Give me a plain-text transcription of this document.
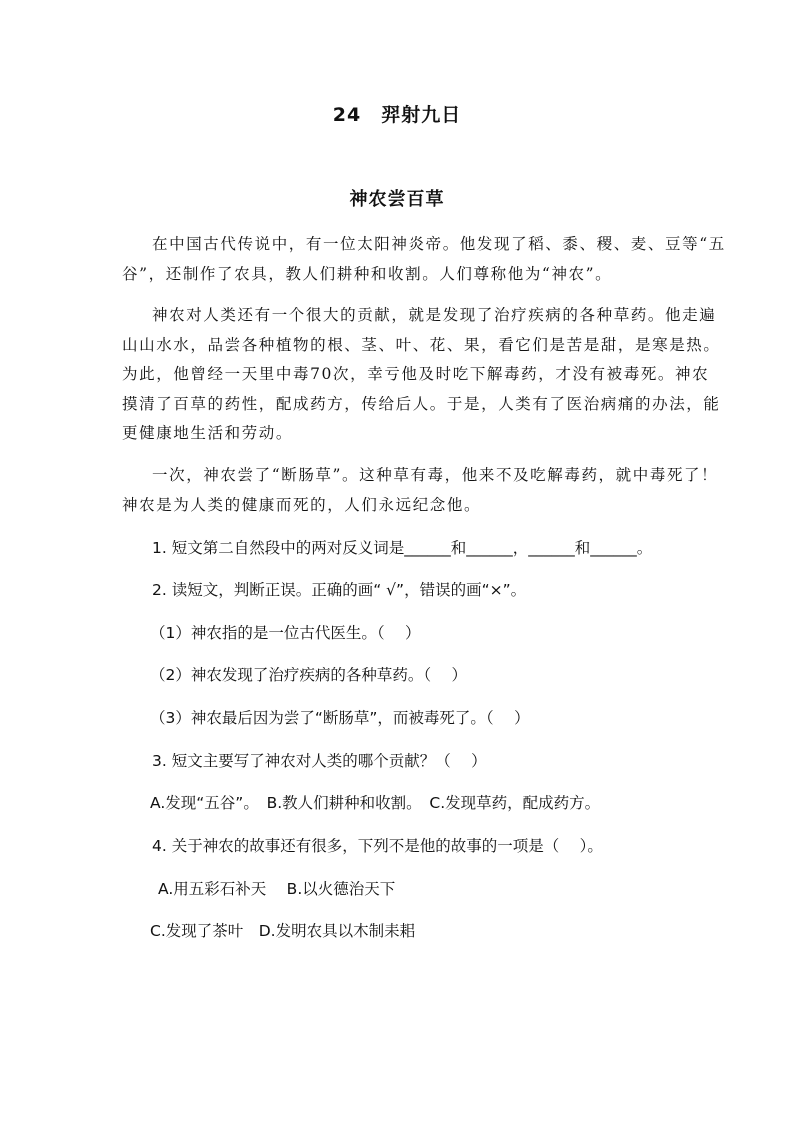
24　羿射九日
神农尝百草
在中国古代传说中，有一位太阳神炎帝。他发现了稻、黍、稷、麦、豆等“五
谷”，还制作了农具，教人们耕种和收割。人们尊称他为“神农”。
神农对人类还有一个很大的贡献，就是发现了治疗疾病的各种草药。他走遍
山山水水，品尝各种植物的根、茎、叶、花、果，看它们是苦是甜，是寒是热。
为此，他曾经一天里中毒70次，幸亏他及时吃下解毒药，才没有被毒死。神农
摸清了百草的药性，配成药方，传给后人。于是，人类有了医治病痛的办法，能
更健康地生活和劳动。
一次，神农尝了“断肠草”。这种草有毒，他来不及吃解毒药，就中毒死了！
神农是为人类的健康而死的，人们永远纪念他。
1. 短文第二自然段中的两对反义词是______和______，______和______。
2. 读短文，判断正误。正确的画“ √”，错误的画“×”。
（1）神农指的是一位古代医生。（　 ）
（2）神农发现了治疗疾病的各种草药。（　 ）
（3）神农最后因为尝了“断肠草”，而被毒死了。（　 ）
3. 短文主要写了神农对人类的哪个贡献？（　 ）
A.发现“五谷”。　B.教人们耕种和收割。　C.发现草药，配成药方。
4. 关于神农的故事还有很多，下列不是他的故事的一项是（　 ）。
A.用五彩石补天　 B.以火德治天下
C.发现了茶叶　D.发明农具以木制耒耜
